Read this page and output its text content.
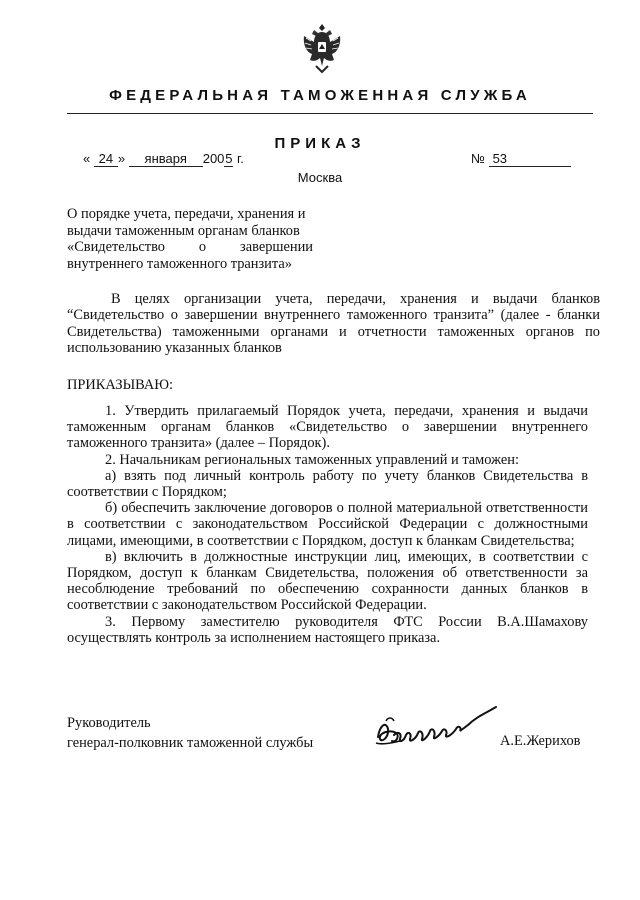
ФЕДЕРАЛЬНАЯ ТАМОЖЕННАЯ СЛУЖБА
ПРИКАЗ
« 24 » января 2005 г.	№ 53
Москва
О порядке учета, передачи, хранения и
выдачи таможенным органам бланков
«Свидетельство о завершении
внутреннего таможенного транзита»
В целях организации учета, передачи, хранения и выдачи бланков “Свидетельство о завершении внутреннего таможенного транзита” (далее - бланки Свидетельства) таможенными органами и отчетности таможенных органов по использованию указанных бланков
ПРИКАЗЫВАЮ:

1. Утвердить прилагаемый Порядок учета, передачи, хранения и выдачи таможенным органам бланков «Свидетельство о завершении внутреннего таможенного транзита» (далее – Порядок).

2. Начальникам региональных таможенных управлений и таможен:

а) взять под личный контроль работу по учету бланков Свидетельства в соответствии с Порядком;

б) обеспечить заключение договоров о полной материальной ответственности в соответствии с законодательством Российской Федерации с должностными лицами, имеющими, в соответствии с Порядком, доступ к бланкам Свидетельства;

в) включить в должностные инструкции лиц, имеющих, в соответствии с Порядком, доступ к бланкам Свидетельства, положения об ответственности за несоблюдение требований по обеспечению сохранности данных бланков в соответствии с законодательством Российской Федерации.

3. Первому заместителю руководителя ФТС России В.А.Шамахову осуществлять контроль за исполнением настоящего приказа.

Руководитель
генерал-полковник таможенной службы	А.Е.Жерихов
